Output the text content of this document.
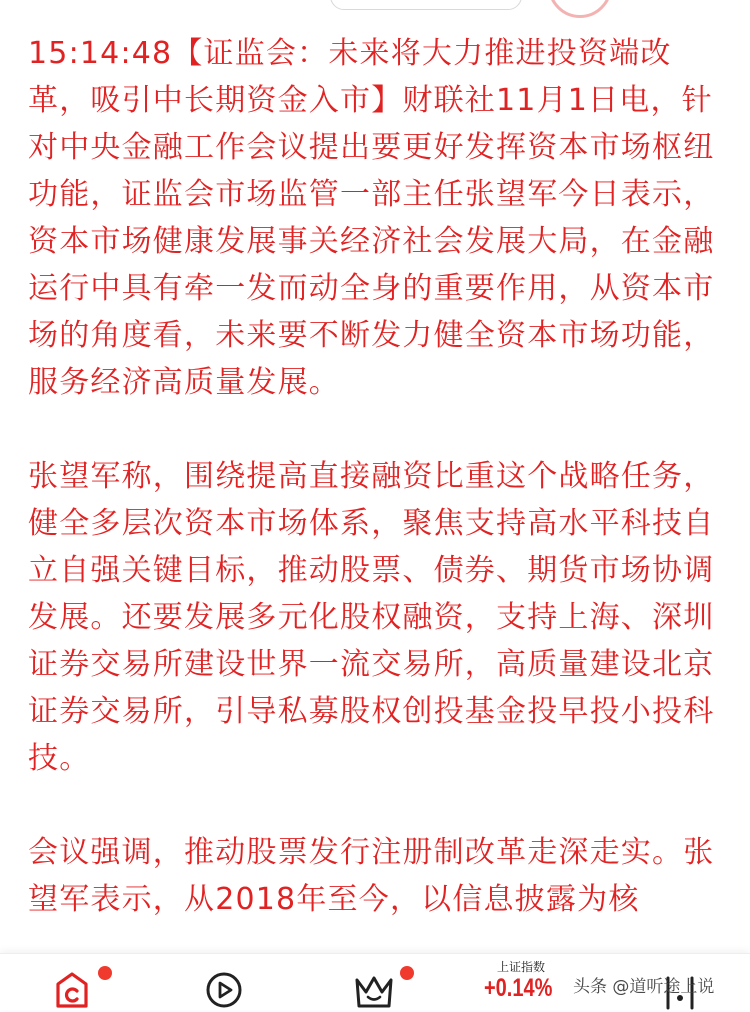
15:14:48【证监会：未来将大力推进投资端改革，吸引中长期资金入市】财联社11月1日电，针对中央金融工作会议提出要更好发挥资本市场枢纽功能，证监会市场监管一部主任张望军今日表示，资本市场健康发展事关经济社会发展大局，在金融运行中具有牵一发而动全身的重要作用，从资本市场的角度看，未来要不断发力健全资本市场功能，服务经济高质量发展。

张望军称，围绕提高直接融资比重这个战略任务，健全多层次资本市场体系，聚焦支持高水平科技自立自强关键目标，推动股票、债券、期货市场协调发展。还要发展多元化股权融资，支持上海、深圳证券交易所建设世界一流交易所，高质量建设北京证券交易所，引导私募股权创投基金投早投小投科技。

会议强调，推动股票发行注册制改革走深走实。张望军表示，从2018年至今，以信息披露为核

上证指数
+0.14% 头条 @道听途上说
